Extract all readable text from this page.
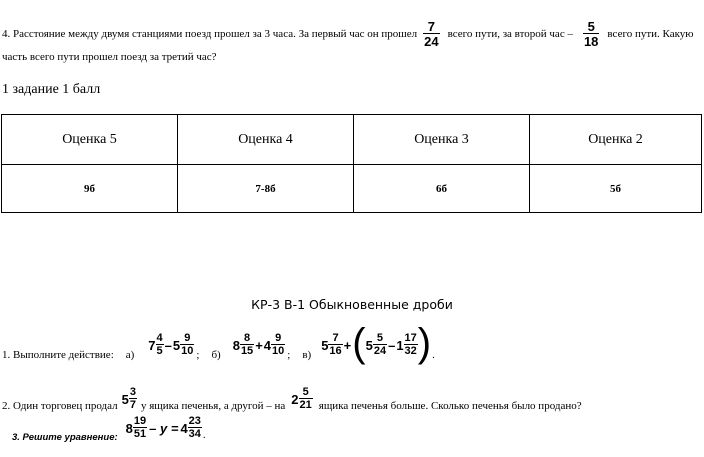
4. Расстояние между двумя станциями поезд прошел за 3 часа. За первый час он прошел $\frac{7}{24}$ всего пути, за второй час – $\frac{5}{18}$ всего пути. Какую
часть всего пути прошел поезд за третий час?
1 задание 1 балл
Оценка 5	Оценка 4	Оценка 3	Оценка 2
9б	7-8б	6б	5б
КР-3 В-1 Обыкновенные дроби
1. Выполните действие: а)
$7 \frac{4}{5} - 5 \frac{9}{10}$ ; б)
$8 \frac{8}{15} + 4 \frac{9}{10}$ ; в)
$5 \frac{7}{16}$ + ( $5 \frac{5}{24} - 1 \frac{17}{32}$ ) .
2. Один торговец продал $5 \frac{3}{7}$ у ящика печенья, а другой – на $2 \frac{5}{21}$ ящика печенья больше. Сколько печенья было продано?
3. Решите уравнение:
$8 \frac{19}{51} - y = 4 \frac{23}{34}$ .
